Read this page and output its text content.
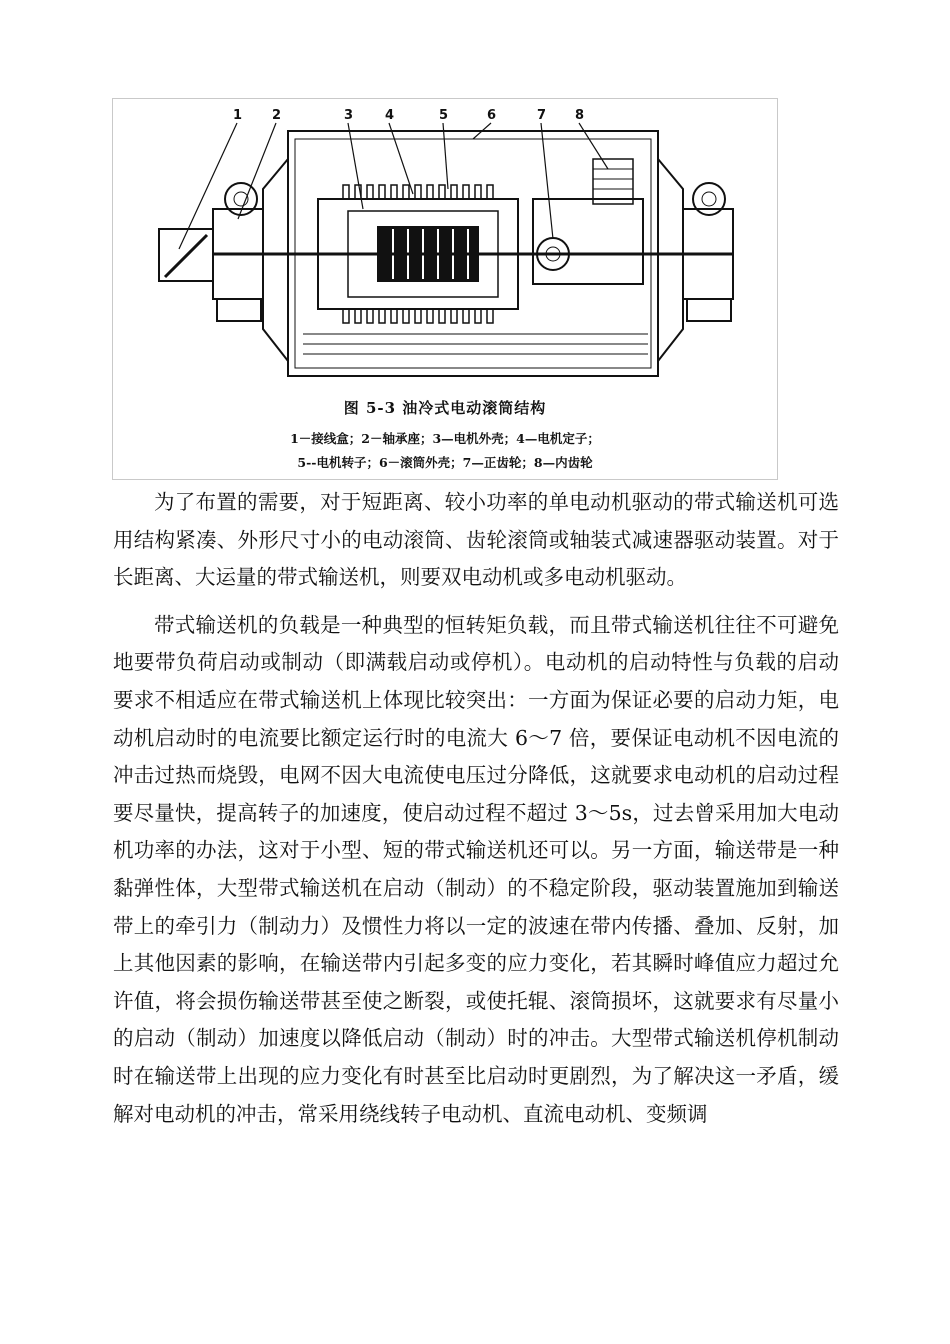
1 2	3 4	5	6	7 8
图 5-3 油冷式电动滚筒结构
1－接线盒；2－轴承座；3—电机外壳；4—电机定子；
5--电机转子；6－滚筒外壳；7—正齿轮；8—内齿轮

为了布置的需要，对于短距离、较小功率的单电动机驱动的带式输送机可选用结构紧凑、外形尺寸小的电动滚筒、齿轮滚筒或轴装式减速器驱动装置。对于长距离、大运量的带式输送机，则要双电动机或多电动机驱动。

带式输送机的负载是一种典型的恒转矩负载，而且带式输送机往往不可避免地要带负荷启动或制动（即满载启动或停机）。电动机的启动特性与负载的启动要求不相适应在带式输送机上体现比较突出：一方面为保证必要的启动力矩，电动机启动时的电流要比额定运行时的电流大 6～7 倍，要保证电动机不因电流的冲击过热而烧毁，电网不因大电流使电压过分降低，这就要求电动机的启动过程要尽量快，提高转子的加速度，使启动过程不超过 3～5s，过去曾采用加大电动机功率的办法，这对于小型、短的带式输送机还可以。另一方面，输送带是一种黏弹性体，大型带式输送机在启动（制动）的不稳定阶段，驱动装置施加到输送带上的牵引力（制动力）及惯性力将以一定的波速在带内传播、叠加、反射，加上其他因素的影响，在输送带内引起多变的应力变化，若其瞬时峰值应力超过允许值，将会损伤输送带甚至使之断裂，或使托辊、滚筒损坏，这就要求有尽量小的启动（制动）加速度以降低启动（制动）时的冲击。大型带式输送机停机制动时在输送带上出现的应力变化有时甚至比启动时更剧烈，为了解决这一矛盾，缓解对电动机的冲击，常采用绕线转子电动机、直流电动机、变频调
